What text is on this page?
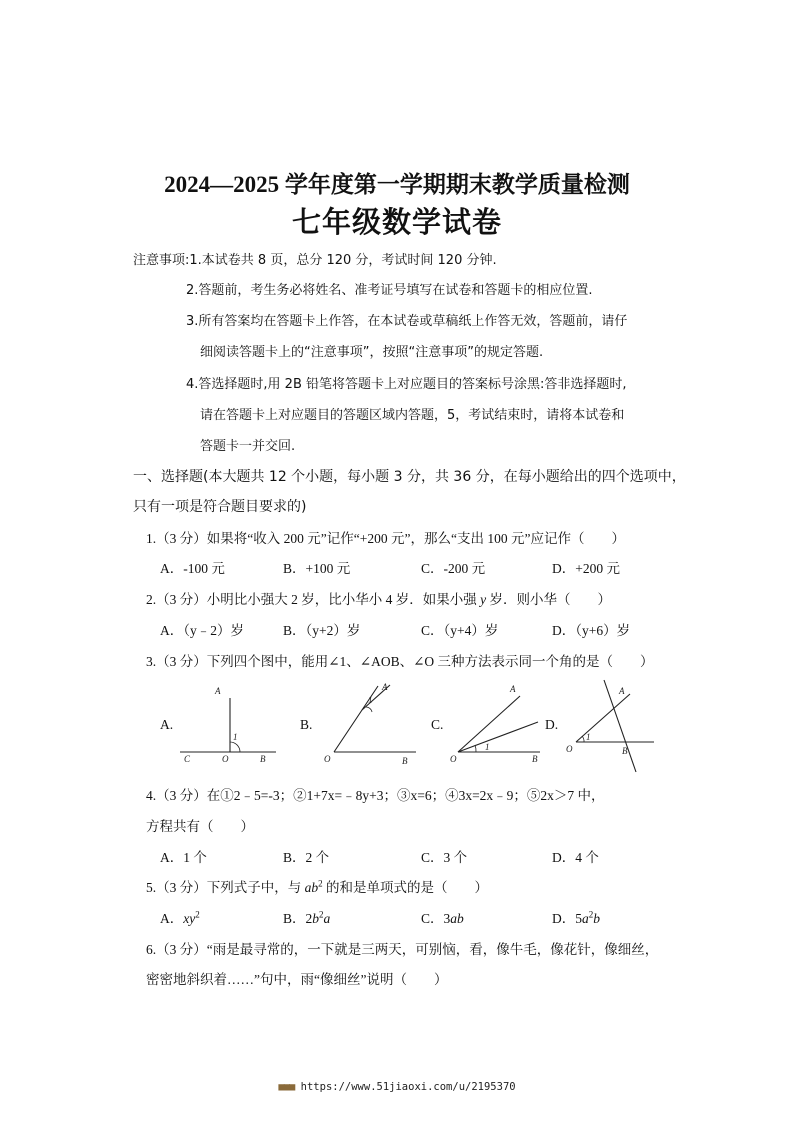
2024—2025 学年度第一学期期末教学质量检测
七年级数学试卷
注意事项:1.本试卷共 8 页，总分 120 分，考试时间 120 分钟.
2.答题前，考生务必将姓名、准考证号填写在试卷和答题卡的相应位置.
3.所有答案均在答题卡上作答，在本试卷或草稿纸上作答无效，答题前，请仔
细阅读答题卡上的“注意事项”，按照“注意事项”的规定答题.
4.答选择题时,用 2B 铅笔将答题卡上对应题目的答案标号涂黑:答非选择题时,
请在答题卡上对应题目的答题区域内答题，5，考试结束时，请将本试卷和
答题卡一并交回.
一、选择题(本大题共 12 个小题，每小题 3 分，共 36 分，在每小题给出的四个选项中，
只有一项是符合题目要求的)
1.（3 分）如果将“收入 200 元”记作“+200 元”，那么“支出 100 元”应记作（　　）
A．-100 元	B．+100 元	C．-200 元	D．+200 元
2.（3 分）小明比小强大 2 岁，比小华小 4 岁．如果小强 y 岁．则小华（　　）
A．（y﹣2）岁	B．（y+2）岁	C．（y+4）岁	D．（y+6）岁
3.（3 分）下列四个图中，能用∠1、∠AOB、∠O 三种方法表示同一个角的是（　　）
A.
A
1
C	O	B
B.
A
1
O	B
C.
A
1
O	B
D.
A
1
O	B
4.（3 分）在①2﹣5=-3；②1+7x=﹣8y+3；③x=6；④3x=2x﹣9；⑤2x＞7 中，
方程共有（　　）
A．1 个	B．2 个	C．3 个	D．4 个
5.（3 分）下列式子中，与 $ab^2$ 的和是单项式的是（　　）
A．$xy^2$	B．$2b^2a$	C．3ab	D．$5a^2b$
6.（3 分）“雨是最寻常的，一下就是三两天，可别恼，看，像牛毛，像花针，像细丝，
密密地斜织着……”句中，雨“像细丝”说明（　　）
■■■ https://www.51jiaoxi.com/u/2195370
